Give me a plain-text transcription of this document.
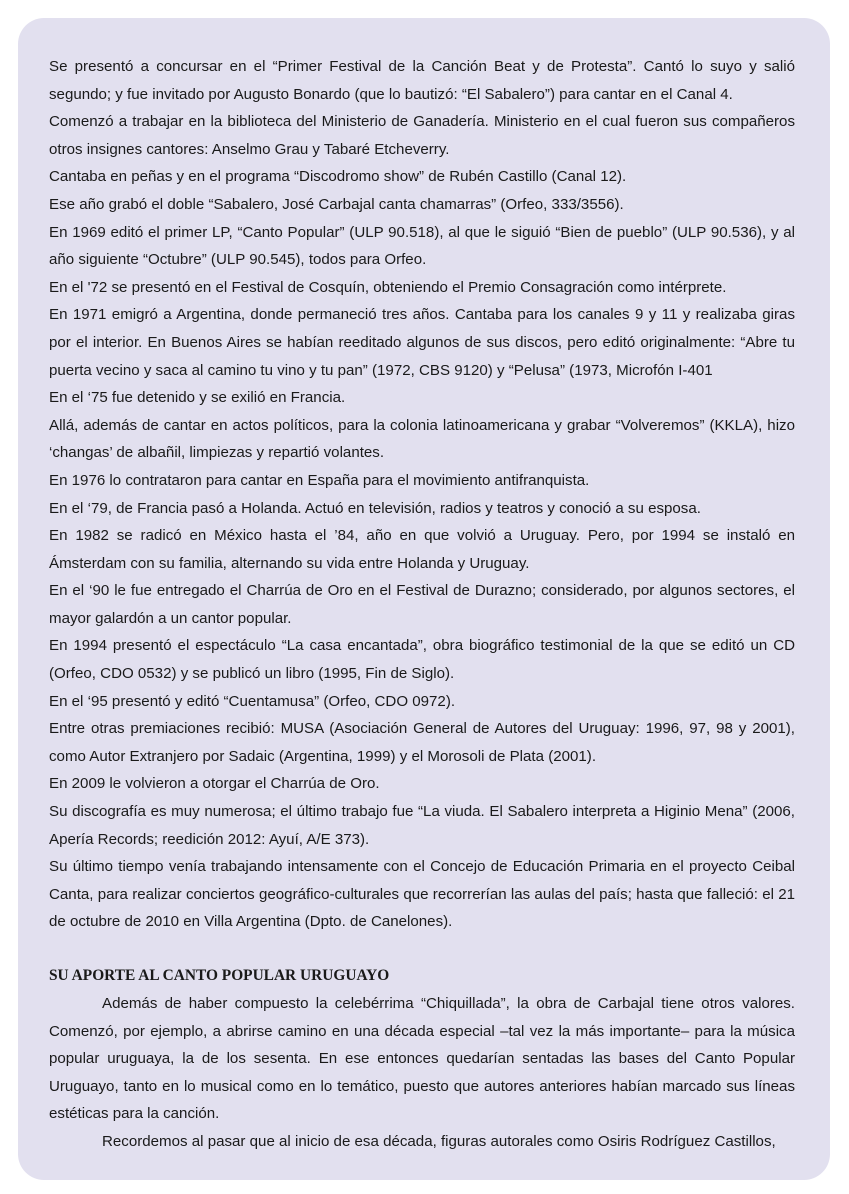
Se presentó a concursar en el “Primer Festival de la Canción Beat y de Protesta”. Cantó lo suyo y salió segundo; y fue invitado por Augusto Bonardo (que lo bautizó: “El Sabalero”) para cantar en el Canal 4.

Comenzó a trabajar en la biblioteca del Ministerio de Ganadería. Ministerio en el cual fueron sus compañeros otros insignes cantores: Anselmo Grau y Tabaré Etcheverry.

Cantaba en peñas y en el programa “Discodromo show” de Rubén Castillo (Canal 12).

Ese año grabó el doble “Sabalero, José Carbajal canta chamarras” (Orfeo, 333/3556).

En 1969 editó el primer LP, “Canto Popular” (ULP 90.518), al que le siguió “Bien de pueblo” (ULP 90.536), y al año siguiente “Octubre” (ULP 90.545), todos para Orfeo.

En el '72 se presentó en el Festival de Cosquín, obteniendo el Premio Consagración como intérprete.

En 1971 emigró a Argentina, donde permaneció tres años. Cantaba para los canales 9 y 11 y realizaba giras por el interior. En Buenos Aires se habían reeditado algunos de sus discos, pero editó originalmente: “Abre tu puerta vecino y saca al camino tu vino y tu pan” (1972, CBS 9120) y “Pelusa” (1973, Microfón I-401

En el ‘75 fue detenido y se exilió en Francia.

Allá, además de cantar en actos políticos, para la colonia latinoamericana y grabar “Volveremos” (KKLA), hizo ‘changas’ de albañil, limpiezas y repartió volantes.

En 1976 lo contrataron para cantar en España para el movimiento antifranquista.

En el ‘79, de Francia pasó a Holanda. Actuó en televisión, radios y teatros y conoció a su esposa.

En 1982 se radicó en México hasta el ’84, año en que volvió a Uruguay. Pero, por 1994 se instaló en Ámsterdam con su familia, alternando su vida entre Holanda y Uruguay.

En el ‘90 le fue entregado el Charrúa de Oro en el Festival de Durazno; considerado, por algunos sectores, el mayor galardón a un cantor popular.

En 1994 presentó el espectáculo “La casa encantada”, obra biográfico testimonial de la que se editó un CD (Orfeo, CDO 0532) y se publicó un libro (1995, Fin de Siglo).

En el ‘95 presentó y editó “Cuentamusa” (Orfeo, CDO 0972).

Entre otras premiaciones recibió: MUSA (Asociación General de Autores del Uruguay: 1996, 97, 98 y 2001), como Autor Extranjero por Sadaic (Argentina, 1999) y el Morosoli de Plata (2001).

En 2009 le volvieron a otorgar el Charrúa de Oro.

Su discografía es muy numerosa; el último trabajo fue “La viuda. El Sabalero interpreta a Higinio Mena” (2006, Apería Records; reedición 2012: Ayuí, A/E 373).

Su último tiempo venía trabajando intensamente con el Concejo de Educación Primaria en el proyecto Ceibal Canta, para realizar conciertos geográfico-culturales que recorrerían las aulas del país; hasta que falleció: el 21 de octubre de 2010 en Villa Argentina (Dpto. de Canelones).

SU APORTE AL CANTO POPULAR URUGUAYO

Además de haber compuesto la celebérrima “Chiquillada”, la obra de Carbajal tiene otros valores. Comenzó, por ejemplo, a abrirse camino en una década especial –tal vez la más importante– para la música popular uruguaya, la de los sesenta. En ese entonces quedarían sentadas las bases del Canto Popular Uruguayo, tanto en lo musical como en lo temático, puesto que autores anteriores habían marcado sus líneas estéticas para la canción.

Recordemos al pasar que al inicio de esa década, figuras autorales como Osiris Rodríguez Castillos,
